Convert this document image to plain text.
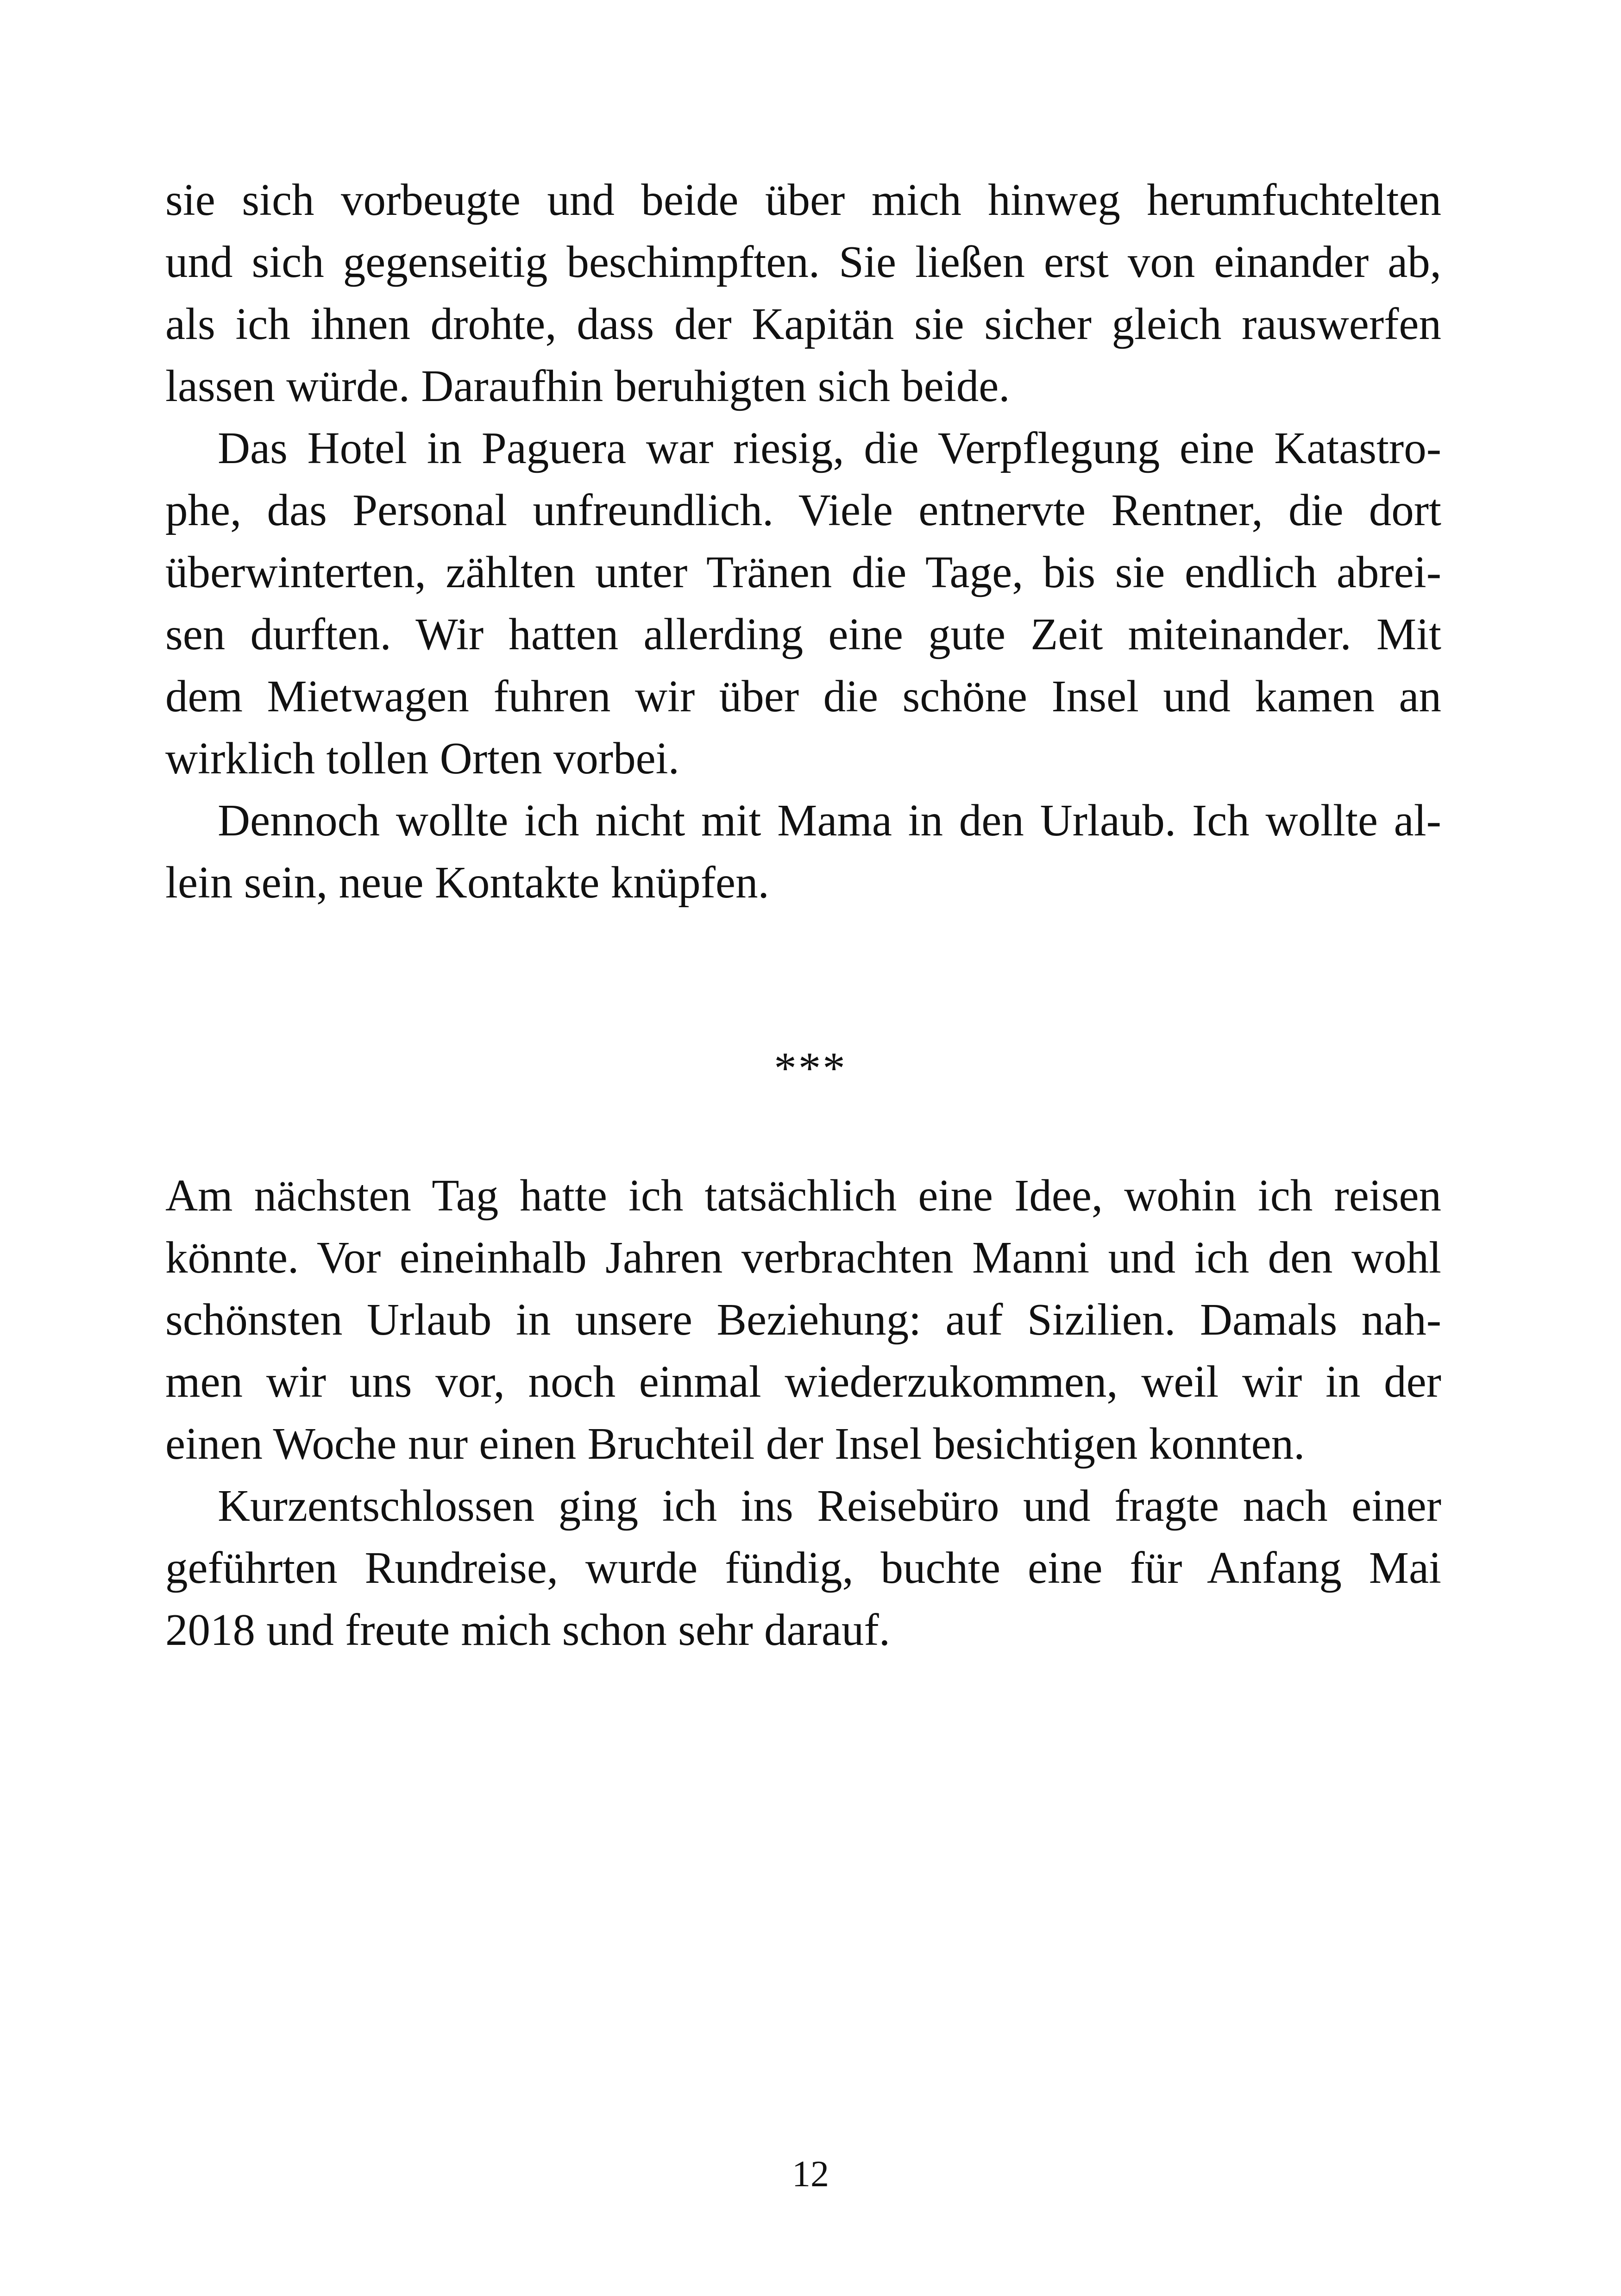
sie sich vorbeugte und beide über mich hinweg herumfuchtelten
und sich gegenseitig beschimpften. Sie ließen erst von einander ab,
als ich ihnen drohte, dass der Kapitän sie sicher gleich rauswerfen
lassen würde. Daraufhin beruhigten sich beide.
Das Hotel in Paguera war riesig, die Verpflegung eine Katastro-
phe, das Personal unfreundlich. Viele entnervte Rentner, die dort
überwinterten, zählten unter Tränen die Tage, bis sie endlich abrei-
sen durften. Wir hatten allerding eine gute Zeit miteinander. Mit
dem Mietwagen fuhren wir über die schöne Insel und kamen an
wirklich tollen Orten vorbei.
Dennoch wollte ich nicht mit Mama in den Urlaub. Ich wollte al-
lein sein, neue Kontakte knüpfen.
***
Am nächsten Tag hatte ich tatsächlich eine Idee, wohin ich reisen
könnte. Vor eineinhalb Jahren verbrachten Manni und ich den wohl
schönsten Urlaub in unsere Beziehung: auf Sizilien. Damals nah-
men wir uns vor, noch einmal wiederzukommen, weil wir in der
einen Woche nur einen Bruchteil der Insel besichtigen konnten.
Kurzentschlossen ging ich ins Reisebüro und fragte nach einer
geführten Rundreise, wurde fündig, buchte eine für Anfang Mai
2018 und freute mich schon sehr darauf.
12
